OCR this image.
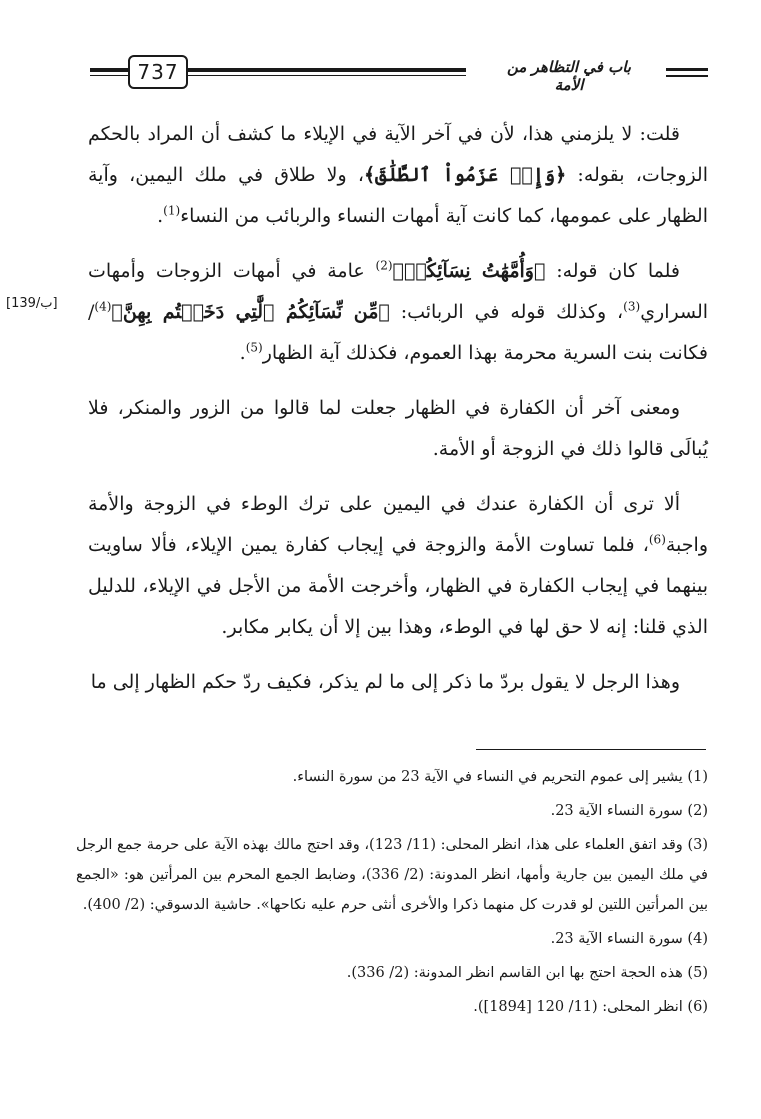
737	باب في التظاهر من الأمة
[139/ب]

قلت: لا يلزمني هذا، لأن في آخر الآية في الإيلاء ما كشف أن المراد بالحكم الزوجات، بقوله: ﴿وَإِنۡ عَزَمُواْ ٱلطَّلَٰقَ﴾، ولا طلاق في ملك اليمين، وآية الظهار على عمومها، كما كانت آية أمهات النساء والربائب من النساء$^{(1)}$.

فلما كان قوله: ﴿وَأُمَّهَٰتُ نِسَآئِكُمۡ﴾$^{(2)}$ عامة في أمهات الزوجات وأمهات السراري$^{(3)}$، وكذلك قوله في الربائب: ﴿مِّن نِّسَآئِكُمُ ٱلَّٰتِي دَخَلۡتُم بِهِنَّ﴾$^{(4)}$/ فكانت بنت السرية محرمة بهذا العموم، فكذلك آية الظهار$^{(5)}$.

ومعنى آخر أن الكفارة في الظهار جعلت لما قالوا من الزور والمنكر، فلا يُبالَى قالوا ذلك في الزوجة أو الأمة.

ألا ترى أن الكفارة عندك في اليمين على ترك الوطء في الزوجة والأمة واجبة$^{(6)}$، فلما تساوت الأمة والزوجة في إيجاب كفارة يمين الإيلاء، فألا ساويت بينهما في إيجاب الكفارة في الظهار، وأخرجت الأمة من الأجل في الإيلاء، للدليل الذي قلنا: إنه لا حق لها في الوطء، وهذا بين إلا أن يكابر مكابر.

وهذا الرجل لا يقول بردّ ما ذكر إلى ما لم يذكر، فكيف ردّ حكم الظهار إلى ما

(1) يشير إلى عموم التحريم في النساء في الآية 23 من سورة النساء.

(2) سورة النساء الآية 23.

(3) وقد اتفق العلماء على هذا، انظر المحلى: (11/ 123)، وقد احتج مالك بهذه الآية على حرمة جمع الرجل في ملك اليمين بين جارية وأمها، انظر المدونة: (2/ 336)، وضابط الجمع المحرم بين المرأتين هو: «الجمع بين المرأتين اللتين لو قدرت كل منهما ذكرا والأخرى أنثى حرم عليه نكاحها». حاشية الدسوقي: (2/ 400).

(4) سورة النساء الآية 23.

(5) هذه الحجة احتج بها ابن القاسم انظر المدونة: (2/ 336).

(6) انظر المحلى: (11/ 120 [1894]).
